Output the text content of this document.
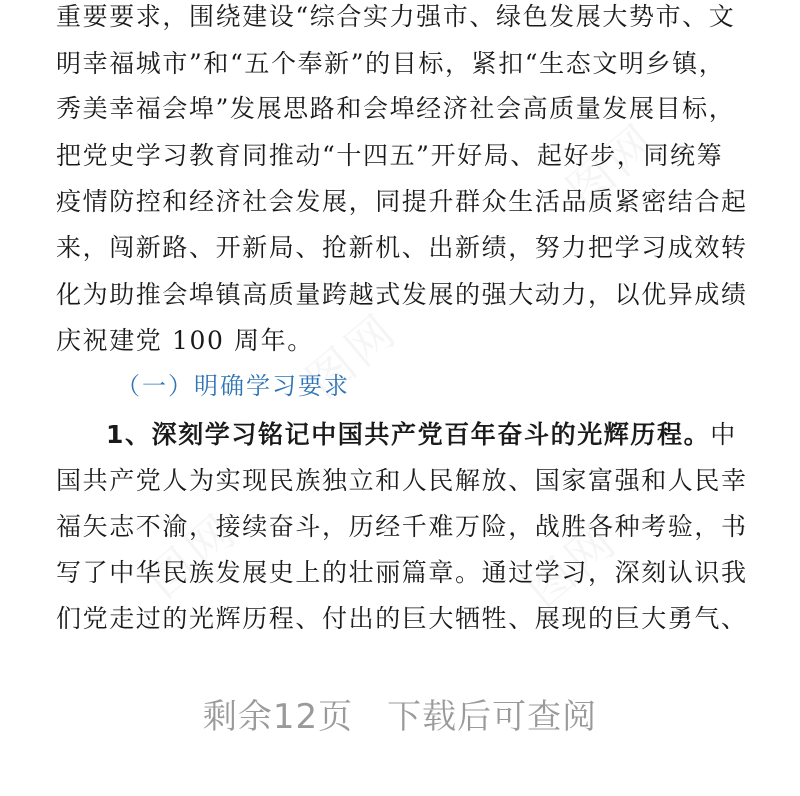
图网
图网
图网	图网
重要要求，围绕建设“综合实力强市、绿色发展大势市、文
明幸福城市”和“五个奉新”的目标，紧扣“生态文明乡镇，
秀美幸福会埠”发展思路和会埠经济社会高质量发展目标，
把党史学习教育同推动“十四五”开好局、起好步，同统筹
疫情防控和经济社会发展，同提升群众生活品质紧密结合起
来，闯新路、开新局、抢新机、出新绩，努力把学习成效转
化为助推会埠镇高质量跨越式发展的强大动力，以优异成绩
庆祝建党 100 周年。
（一）明确学习要求
1、深刻学习铭记中国共产党百年奋斗的光辉历程。中
国共产党人为实现民族独立和人民解放、国家富强和人民幸
福矢志不渝，接续奋斗，历经千难万险，战胜各种考验，书
写了中华民族发展史上的壮丽篇章。通过学习，深刻认识我
们党走过的光辉历程、付出的巨大牺牲、展现的巨大勇气、
剩余12页 下载后可查阅
